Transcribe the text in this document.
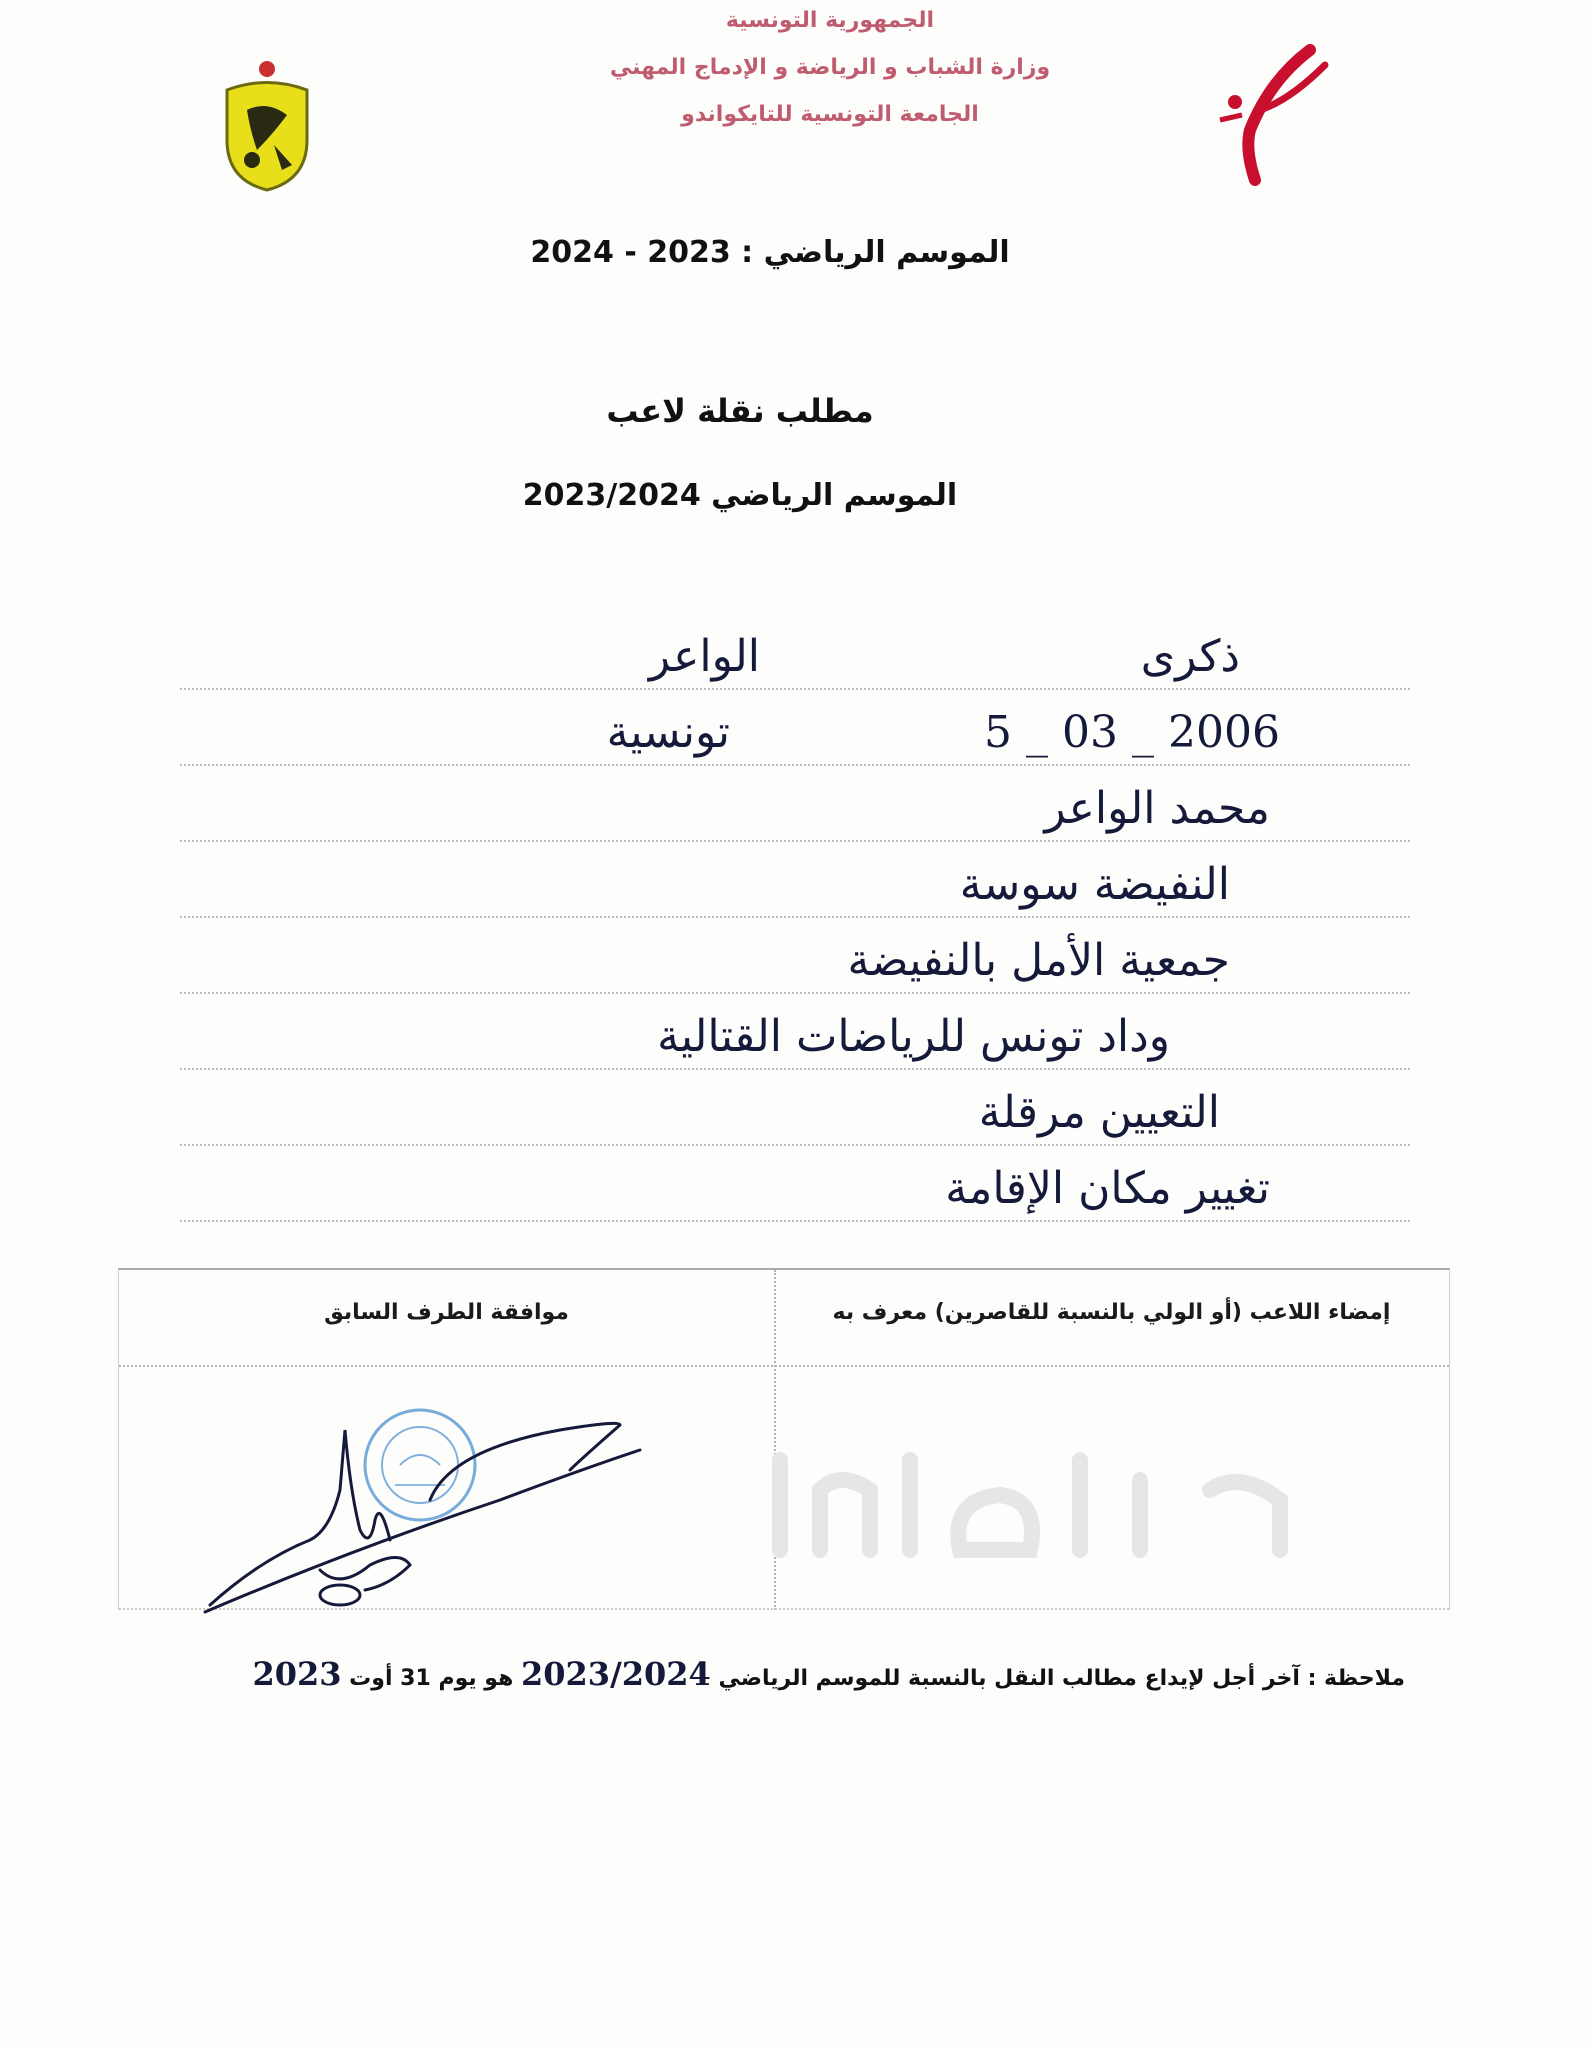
الجمهورية التونسية

وزارة الشباب و الرياضة و الإدماج المهني

الجامعة التونسية للتايكواندو

الموسم الرياضي : 2023 - 2024
مطلب نقلة لاعب
الموسم الرياضي 2023/2024
ذكرى
الواعر
2006 _ 03 _ 5
تونسية
محمد الواعر
النفيضة سوسة
جمعية الأمل بالنفيضة
وداد تونس للرياضات القتالية
التعيين مرقلة
تغيير مكان الإقامة
إمضاء اللاعب (أو الولي بالنسبة للقاصرين) معرف به
موافقة الطرف السابق
ملاحظة : آخر أجل لإيداع مطالب النقل بالنسبة للموسم الرياضي 2023/2024 هو يوم 31 أوت 2023
